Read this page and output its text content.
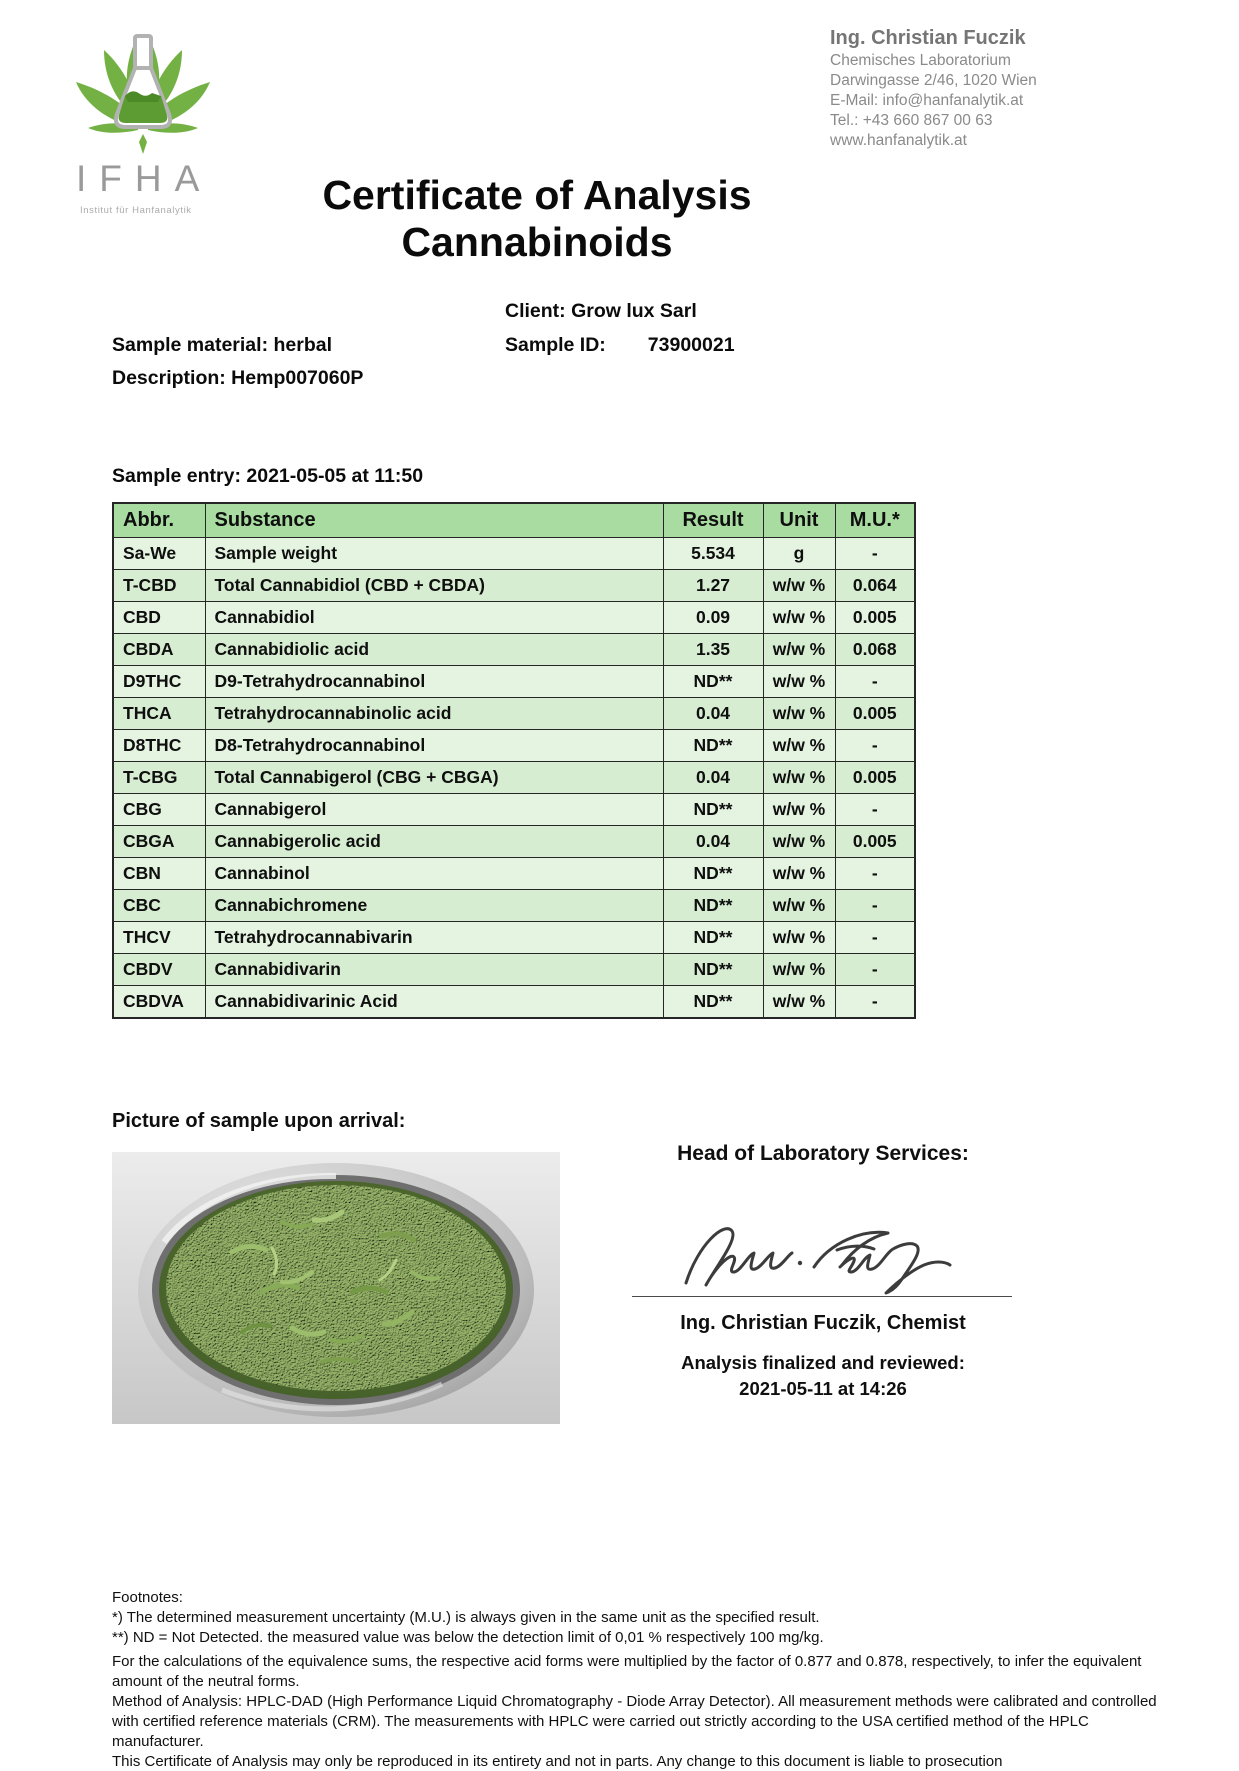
IFHA
Institut für Hanfanalytik
Ing. Christian Fuczik
Chemisches Laboratorium
Darwingasse 2/46, 1020 Wien
E-Mail: info@hanfanalytik.at
Tel.: +43 660 867 00 63
www.hanfanalytik.at
Certificate of Analysis
Cannabinoids
Client: Grow lux Sarl
Sample material: herbal	Sample ID: 73900021
Description: Hemp007060P
Sample entry: 2021-05-05 at 11:50
Abbr.	Substance	Result	Unit	M.U.*
Sa-We	Sample weight	5.534	g	-
T-CBD	Total Cannabidiol (CBD + CBDA)	1.27	w/w %	0.064
CBD	Cannabidiol	0.09	w/w %	0.005
CBDA	Cannabidiolic acid	1.35	w/w %	0.068
D9THC	D9-Tetrahydrocannabinol	ND**	w/w %	-
THCA	Tetrahydrocannabinolic acid	0.04	w/w %	0.005
D8THC	D8-Tetrahydrocannabinol	ND**	w/w %	-
T-CBG	Total Cannabigerol (CBG + CBGA)	0.04	w/w %	0.005
CBG	Cannabigerol	ND**	w/w %	-
CBGA	Cannabigerolic acid	0.04	w/w %	0.005
CBN	Cannabinol	ND**	w/w %	-
CBC	Cannabichromene	ND**	w/w %	-
THCV	Tetrahydrocannabivarin	ND**	w/w %	-
CBDV	Cannabidivarin	ND**	w/w %	-
CBDVA	Cannabidivarinic Acid	ND**	w/w %	-
Picture of sample upon arrival:
Head of Laboratory Services:
Ing. Christian Fuczik, Chemist
Analysis finalized and reviewed:
2021-05-11 at 14:26

Footnotes:

*) The determined measurement uncertainty (M.U.) is always given in the same unit as the specified result.

**) ND = Not Detected. the measured value was below the detection limit of 0,01 % respectively 100 mg/kg.

For the calculations of the equivalence sums, the respective acid forms were multiplied by the factor of 0.877 and 0.878, respectively, to infer the equivalent amount of the neutral forms.

Method of Analysis: HPLC-DAD (High Performance Liquid Chromatography - Diode Array Detector). All measurement methods were calibrated and controlled with certified reference materials (CRM). The measurements with HPLC were carried out strictly according to the USA certified method of the HPLC manufacturer.

This Certificate of Analysis may only be reproduced in its entirety and not in parts. Any change to this document is liable to prosecution
